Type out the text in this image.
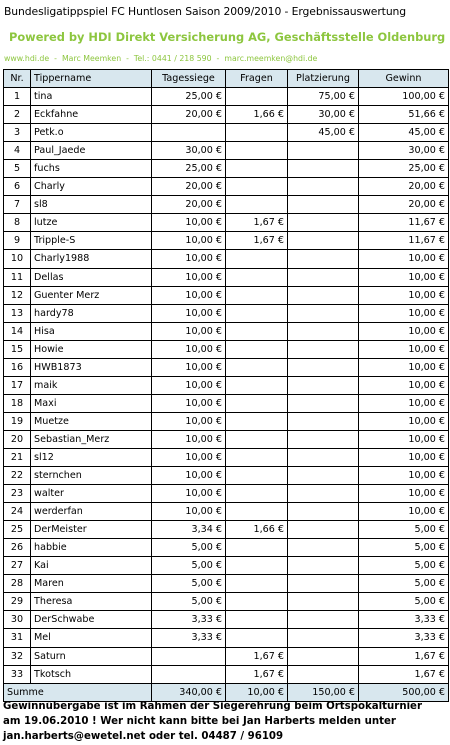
Bundesligatippspiel FC Huntlosen Saison 2009/2010 - Ergebnissauswertung
Powered by HDI Direkt Versicherung AG, Geschäftsstelle Oldenburg
www.hdi.de - Marc Meemken - Tel.: 0441 / 218 590 - marc.meemken@hdi.de
Nr.	Tippername	Tagessiege	Fragen	Platzierung	Gewinn
1	tina	25,00 €		75,00 €	100,00 €
2	Eckfahne	20,00 €	1,66 €	30,00 €	51,66 €
3	Petk.o			45,00 €	45,00 €
4	Paul_Jaede	30,00 €			30,00 €
5	fuchs	25,00 €			25,00 €
6	Charly	20,00 €			20,00 €
7	sl8	20,00 €			20,00 €
8	lutze	10,00 €	1,67 €		11,67 €
9	Tripple-S	10,00 €	1,67 €		11,67 €
10	Charly1988	10,00 €			10,00 €
11	Dellas	10,00 €			10,00 €
12	Guenter Merz	10,00 €			10,00 €
13	hardy78	10,00 €			10,00 €
14	Hisa	10,00 €			10,00 €
15	Howie	10,00 €			10,00 €
16	HWB1873	10,00 €			10,00 €
17	maik	10,00 €			10,00 €
18	Maxi	10,00 €			10,00 €
19	Muetze	10,00 €			10,00 €
20	Sebastian_Merz	10,00 €			10,00 €
21	sl12	10,00 €			10,00 €
22	sternchen	10,00 €			10,00 €
23	walter	10,00 €			10,00 €
24	werderfan	10,00 €			10,00 €
25	DerMeister	3,34 €	1,66 €		5,00 €
26	habbie	5,00 €			5,00 €
27	Kai	5,00 €			5,00 €
28	Maren	5,00 €			5,00 €
29	Theresa	5,00 €			5,00 €
30	DerSchwabe	3,33 €			3,33 €
31	Mel	3,33 €			3,33 €
32	Saturn		1,67 €		1,67 €
33	Tkotsch		1,67 €		1,67 €
Summe		340,00 €	10,00 €	150,00 €	500,00 €
Gewinnübergabe ist im Rahmen der Siegerehrung beim Ortspokalturnier
am 19.06.2010 ! Wer nicht kann bitte bei Jan Harberts melden unter
jan.harberts@ewetel.net oder tel. 04487 / 96109
